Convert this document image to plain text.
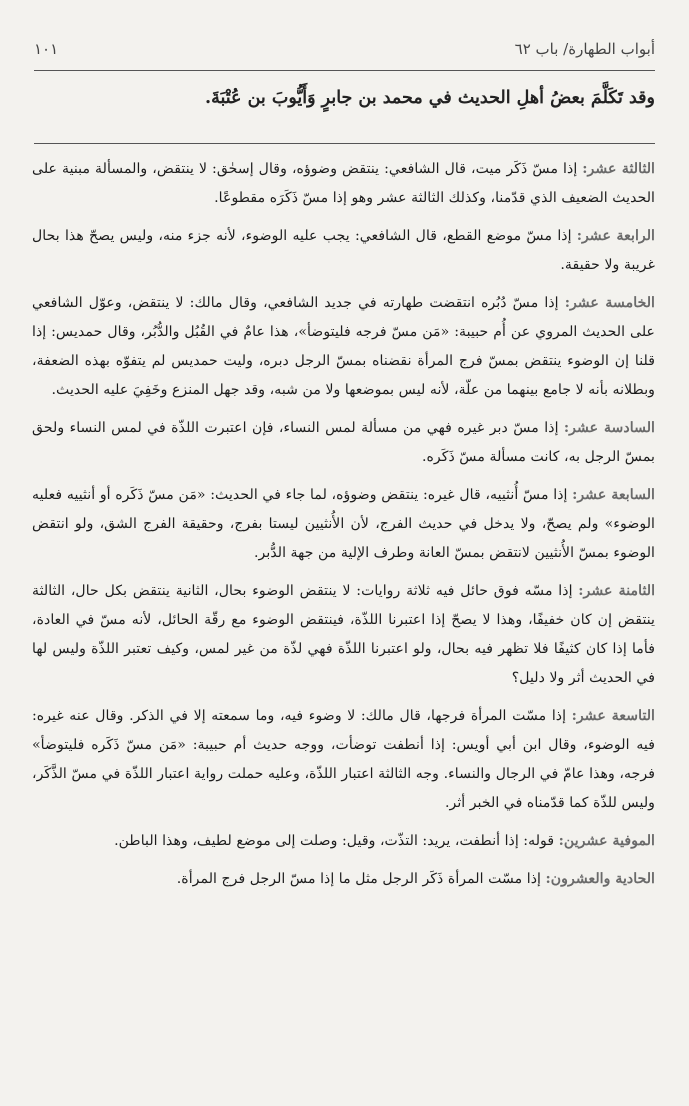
١٠١	أبواب الطهارة/ باب ٦٢
وقد تَكَلَّمَ بعضُ أهلِ الحديث في محمد بن جابرٍ وَأَيُّوبَ بن عُتْبَةَ.

الثالثة عشر: إذا مسّ ذَكَر ميت، قال الشافعي: ينتقض وضوؤه، وقال إسحٰق: لا ينتقض، والمسألة مبنية على الحديث الضعيف الذي قدّمنا، وكذلك الثالثة عشر وهو إذا مسّ ذَكَرَه مقطوعًا.

الرابعة عشر: إذا مسّ موضع القطع، قال الشافعي: يجب عليه الوضوء، لأنه جزء منه، وليس يصحّ هذا بحال غريبة ولا حقيقة.

الخامسة عشر: إذا مسّ دُبُره انتقضت طهارته في جديد الشافعي، وقال مالك: لا ينتقض، وعوّل الشافعي على الحديث المروي عن أُم حبيبة: «مَن مسّ فرجه فليتوضأ»، هذا عامٌ في القُبُل والدُّبُر، وقال حمديس: إذا قلنا إن الوضوء ينتقض بمسّ فرج المرأة نقضناه بمسّ الرجل دبره، وليت حمديس لم يتفوّه بهذه الضعفة، وبطلانه بأنه لا جامع بينهما من علّة، لأنه ليس بموضعها ولا من شبه، وقد جهل المنزع وخَفِيَ عليه الحديث.

السادسة عشر: إذا مسّ دبر غيره فهي من مسألة لمس النساء، فإن اعتبرت اللذّة في لمس النساء ولحق بمسّ الرجل به، كانت مسألة مسّ ذَكَره.

السابعة عشر: إذا مسّ أُنثييه، قال غيره: ينتقض وضوؤه، لما جاء في الحديث: «مَن مسّ ذَكَره أو أنثييه فعليه الوضوء» ولم يصحّ، ولا يدخل في حديث الفرج، لأن الأُنثيين ليستا بفرج، وحقيقة الفرج الشق، ولو انتقض الوضوء بمسّ الأُنثيين لانتقض بمسّ العانة وطرف الإلية من جهة الدُّبر.

الثامنة عشر: إذا مسّه فوق حائل فيه ثلاثة روايات: لا ينتقض الوضوء بحال، الثانية ينتقض بكل حال، الثالثة ينتقض إن كان خفيفًا، وهذا لا يصحّ إذا اعتبرنا اللذّة، فينتقض الوضوء مع رقّة الحائل، لأنه مسّ في العادة، فأما إذا كان كثيفًا فلا تظهر فيه بحال، ولو اعتبرنا اللذّة فهي لذّة من غير لمس، وكيف تعتبر اللذّة وليس لها في الحديث أثر ولا دليل؟

التاسعة عشر: إذا مسّت المرأة فرجها، قال مالك: لا وضوء فيه، وما سمعته إلا في الذكر. وقال عنه غيره: فيه الوضوء، وقال ابن أبي أويس: إذا أنطفت توضأت، ووجه حديث أم حبيبة: «مَن مسّ ذَكَره فليتوضأ» فرجه، وهذا عامّ في الرجال والنساء. وجه الثالثة اعتبار اللذّة، وعليه حملت رواية اعتبار اللذّة في مسّ الذَّكَر، وليس للذّة كما قدّمناه في الخبر أثر.

الموفية عشرين: قوله: إذا أنطفت، يريد: التذّت، وقيل: وصلت إلى موضع لطيف، وهذا الباطن.

الحادية والعشرون: إذا مسّت المرأة ذَكَر الرجل مثل ما إذا مسّ الرجل فرج المرأة.
